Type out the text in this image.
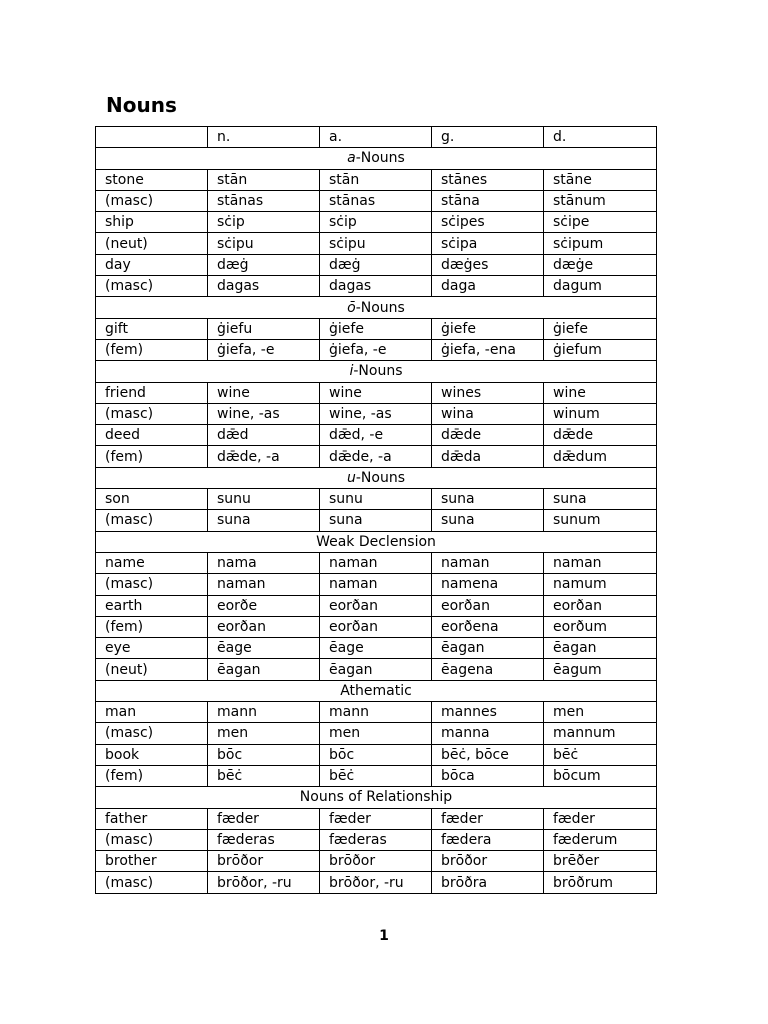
Nouns
	n.	a.	g.	d.
a-Nouns				
stone	stān	stān	stānes	stāne
(masc)	stānas	stānas	stāna	stānum
ship	sċip	sċip	sċipes	sċipe
(neut)	sċipu	sċipu	sċipa	sċipum
day	dæġ	dæġ	dæġes	dæġe
(masc)	dagas	dagas	daga	dagum
ō-Nouns				
gift	ġiefu	ġiefe	ġiefe	ġiefe
(fem)	ġiefa, -e	ġiefa, -e	ġiefa, -ena	ġiefum
i-Nouns				
friend	wine	wine	wines	wine
(masc)	wine, -as	wine, -as	wina	winum
deed	dǣd	dǣd, -e	dǣde	dǣde
(fem)	dǣde, -a	dǣde, -a	dǣda	dǣdum
u-Nouns				
son	sunu	sunu	suna	suna
(masc)	suna	suna	suna	sunum
Weak Declension				
name	nama	naman	naman	naman
(masc)	naman	naman	namena	namum
earth	eorðe	eorðan	eorðan	eorðan
(fem)	eorðan	eorðan	eorðena	eorðum
eye	ēage	ēage	ēagan	ēagan
(neut)	ēagan	ēagan	ēagena	ēagum
Athematic				
man	mann	mann	mannes	men
(masc)	men	men	manna	mannum
book	bōc	bōc	bēċ, bōce	bēċ
(fem)	bēċ	bēċ	bōca	bōcum
Nouns of Relationship				
father	fæder	fæder	fæder	fæder
(masc)	fæderas	fæderas	fædera	fæderum
brother	brōðor	brōðor	brōðor	brēðer
(masc)	brōðor, -ru	brōðor, -ru	brōðra	brōðrum
1
